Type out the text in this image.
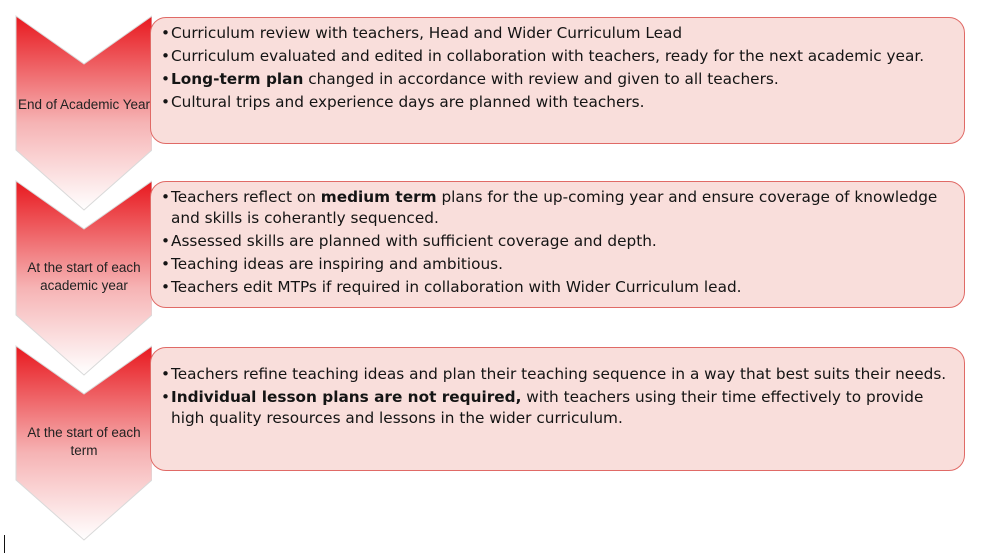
End of Academic Year
• Curriculum review with teachers, Head and Wider Curriculum Lead
• Curriculum evaluated and edited in collaboration with teachers, ready for the next academic year.
• Long-term plan changed in accordance with review and given to all teachers.
• Cultural trips and experience days are planned with teachers.
At the start of each academic year
• Teachers reflect on medium term plans for the up-coming year and ensure coverage of knowledge and skills is coherantly sequenced.
• Assessed skills are planned with sufficient coverage and depth.
• Teaching ideas are inspiring and ambitious.
• Teachers edit MTPs if required in collaboration with Wider Curriculum lead.
At the start of each term
• Teachers refine teaching ideas and plan their teaching sequence in a way that best suits their needs.
• Individual lesson plans are not required, with teachers using their time effectively to provide high quality resources and lessons in the wider curriculum.
